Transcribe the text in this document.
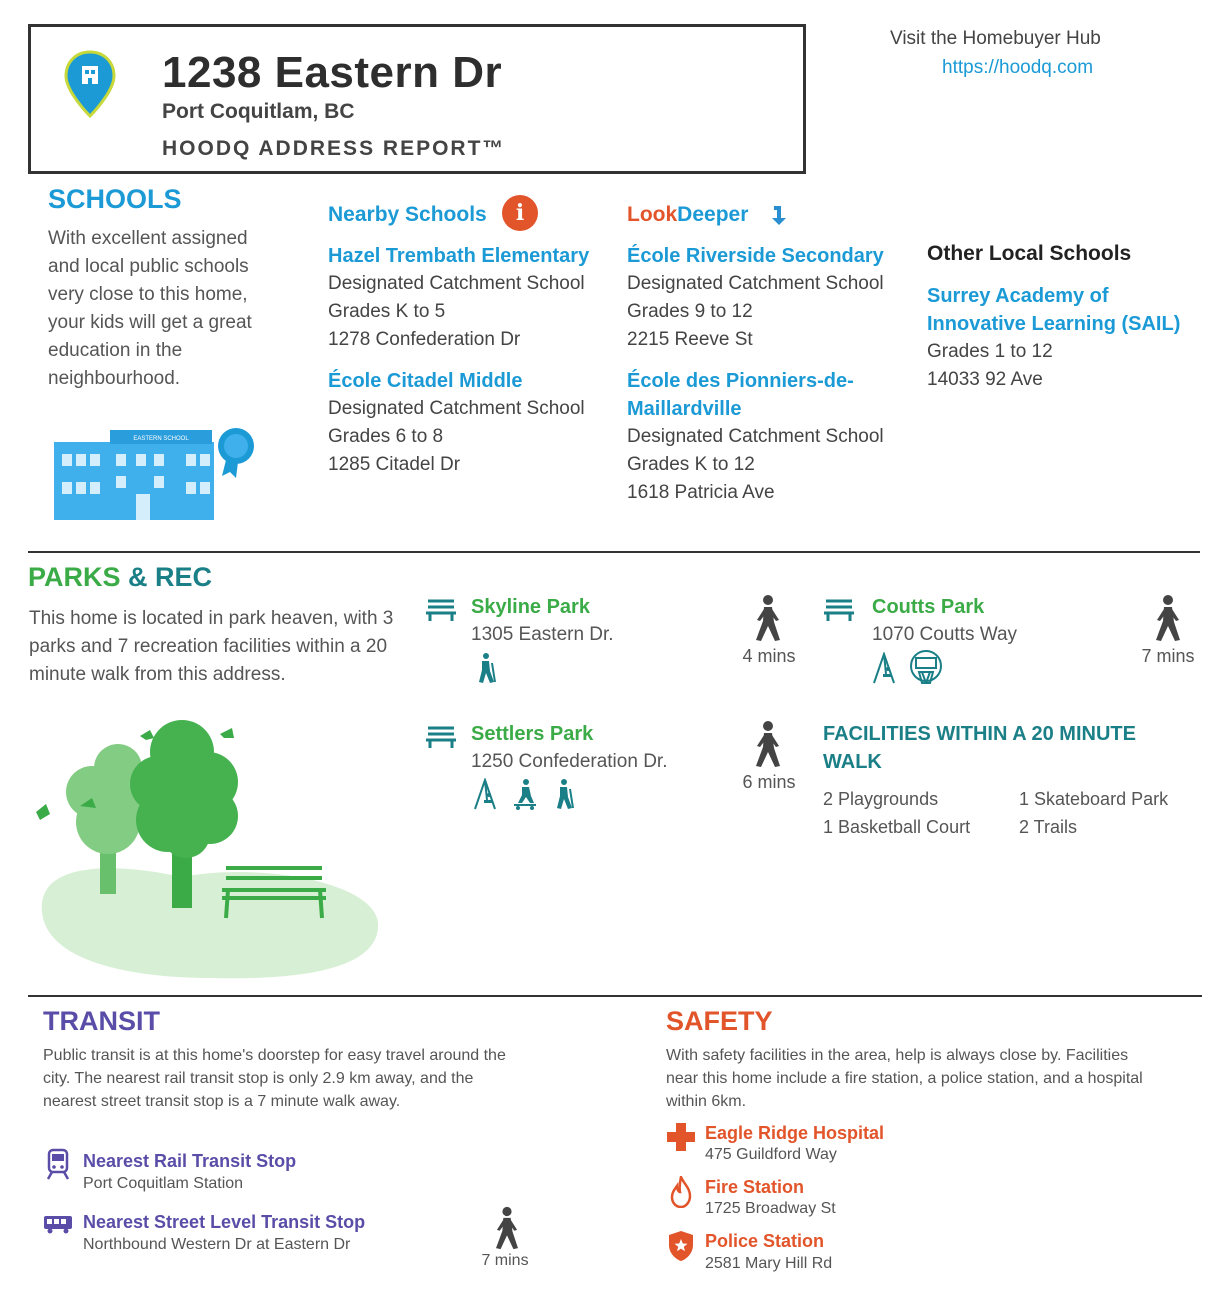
1238 Eastern Dr
Port Coquitlam, BC
HOODQ ADDRESS REPORT™
Visit the Homebuyer Hub
https://hoodq.com
SCHOOLS
With excellent assigned and local public schools very close to this home, your kids will get a great education in the neighbourhood.
EASTERN SCHOOL
Nearby Schools	i
Hazel Trembath Elementary
Designated Catchment School
Grades K to 5
1278 Confederation Dr
École Citadel Middle
Designated Catchment School
Grades 6 to 8
1285 Citadel Dr
LookDeeper
École Riverside Secondary
Designated Catchment School
Grades 9 to 12
2215 Reeve St
École des Pionniers-de-
Maillardville
Designated Catchment School
Grades K to 12
1618 Patricia Ave
Other Local Schools
Surrey Academy of
Innovative Learning (SAIL)
Grades 1 to 12
14033 92 Ave
PARKS & REC
This home is located in park heaven, with 3 parks and 7 recreation facilities within a 20 minute walk from this address.
Skyline Park
1305 Eastern Dr.
4 mins
Coutts Park
1070 Coutts Way
7 mins
Settlers Park
1250 Confederation Dr.
6 mins
FACILITIES WITHIN A 20 MINUTE
WALK
2 Playgrounds	1 Skateboard Park
1 Basketball Court	2 Trails
TRANSIT
Public transit is at this home's doorstep for easy travel around the city. The nearest rail transit stop is only 2.9 km away, and the nearest street transit stop is a 7 minute walk away.
Nearest Rail Transit Stop
Port Coquitlam Station
Nearest Street Level Transit Stop
Northbound Western Dr at Eastern Dr
7 mins
SAFETY
With safety facilities in the area, help is always close by. Facilities near this home include a fire station, a police station, and a hospital within 6km.
Eagle Ridge Hospital
475 Guildford Way
Fire Station
1725 Broadway St
Police Station
2581 Mary Hill Rd
